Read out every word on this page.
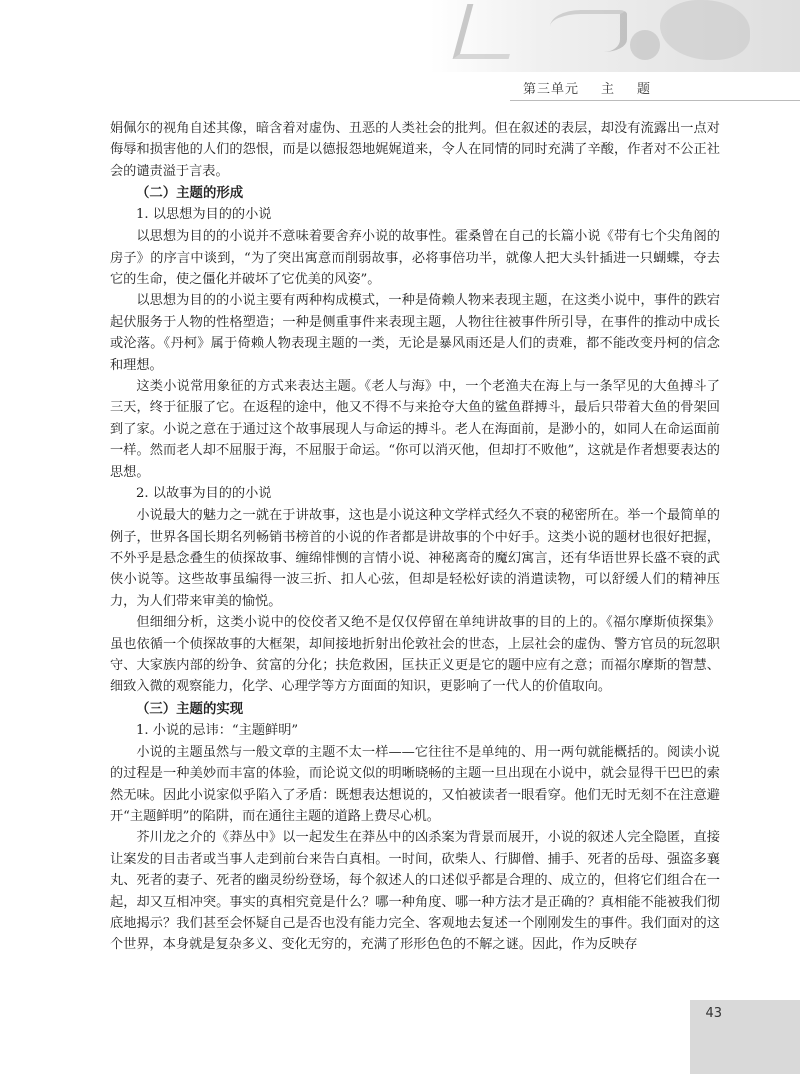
第三单元 主 题

娟佩尔的视角自述其像，暗含着对虚伪、丑恶的人类社会的批判。但在叙述的表层，却没有流露出一点对侮辱和损害他的人们的怨恨，而是以德报怨地娓娓道来，令人在同情的同时充满了辛酸，作者对不公正社会的谴责溢于言表。

（二）主题的形成
1. 以思想为目的的小说

以思想为目的的小说并不意味着要舍弃小说的故事性。霍桑曾在自己的长篇小说《带有七个尖角阁的房子》的序言中谈到，“为了突出寓意而削弱故事，必将事倍功半，就像人把大头针插进一只蝴蝶，夺去它的生命，使之僵化并破坏了它优美的风姿”。

以思想为目的的小说主要有两种构成模式，一种是倚赖人物来表现主题，在这类小说中，事件的跌宕起伏服务于人物的性格塑造；一种是侧重事件来表现主题，人物往往被事件所引导，在事件的推动中成长或沦落。《丹柯》属于倚赖人物表现主题的一类，无论是暴风雨还是人们的责难，都不能改变丹柯的信念和理想。

这类小说常用象征的方式来表达主题。《老人与海》中，一个老渔夫在海上与一条罕见的大鱼搏斗了三天，终于征服了它。在返程的途中，他又不得不与来抢夺大鱼的鲨鱼群搏斗，最后只带着大鱼的骨架回到了家。小说之意在于通过这个故事展现人与命运的搏斗。老人在海面前，是渺小的，如同人在命运面前一样。然而老人却不屈服于海，不屈服于命运。“你可以消灭他，但却打不败他”，这就是作者想要表达的思想。

2. 以故事为目的的小说

小说最大的魅力之一就在于讲故事，这也是小说这种文学样式经久不衰的秘密所在。举一个最简单的例子，世界各国长期名列畅销书榜首的小说的作者都是讲故事的个中好手。这类小说的题材也很好把握，不外乎是悬念叠生的侦探故事、缠绵悱恻的言情小说、神秘离奇的魔幻寓言，还有华语世界长盛不衰的武侠小说等。这些故事虽编得一波三折、扣人心弦，但却是轻松好读的消遣读物，可以舒缓人们的精神压力，为人们带来审美的愉悦。

但细细分析，这类小说中的佼佼者又绝不是仅仅停留在单纯讲故事的目的上的。《福尔摩斯侦探集》虽也依循一个侦探故事的大框架，却间接地折射出伦敦社会的世态，上层社会的虚伪、警方官员的玩忽职守、大家族内部的纷争、贫富的分化；扶危救困，匡扶正义更是它的题中应有之意；而福尔摩斯的智慧、细致入微的观察能力，化学、心理学等方方面面的知识，更影响了一代人的价值取向。

（三）主题的实现
1. 小说的忌讳：“主题鲜明”

小说的主题虽然与一般文章的主题不太一样——它往往不是单纯的、用一两句就能概括的。阅读小说的过程是一种美妙而丰富的体验，而论说文似的明晰晓畅的主题一旦出现在小说中，就会显得干巴巴的索然无味。因此小说家似乎陷入了矛盾：既想表达想说的，又怕被读者一眼看穿。他们无时无刻不在注意避开“主题鲜明”的陷阱，而在通往主题的道路上费尽心机。

芥川龙之介的《莽丛中》以一起发生在莽丛中的凶杀案为背景而展开，小说的叙述人完全隐匿，直接让案发的目击者或当事人走到前台来告白真相。一时间，砍柴人、行脚僧、捕手、死者的岳母、强盗多襄丸、死者的妻子、死者的幽灵纷纷登场，每个叙述人的口述似乎都是合理的、成立的，但将它们组合在一起，却又互相冲突。事实的真相究竟是什么？哪一种角度、哪一种方法才是正确的？真相能不能被我们彻底地揭示？我们甚至会怀疑自己是否也没有能力完全、客观地去复述一个刚刚发生的事件。我们面对的这个世界，本身就是复杂多义、变化无穷的，充满了形形色色的不解之谜。因此，作为反映存

43
